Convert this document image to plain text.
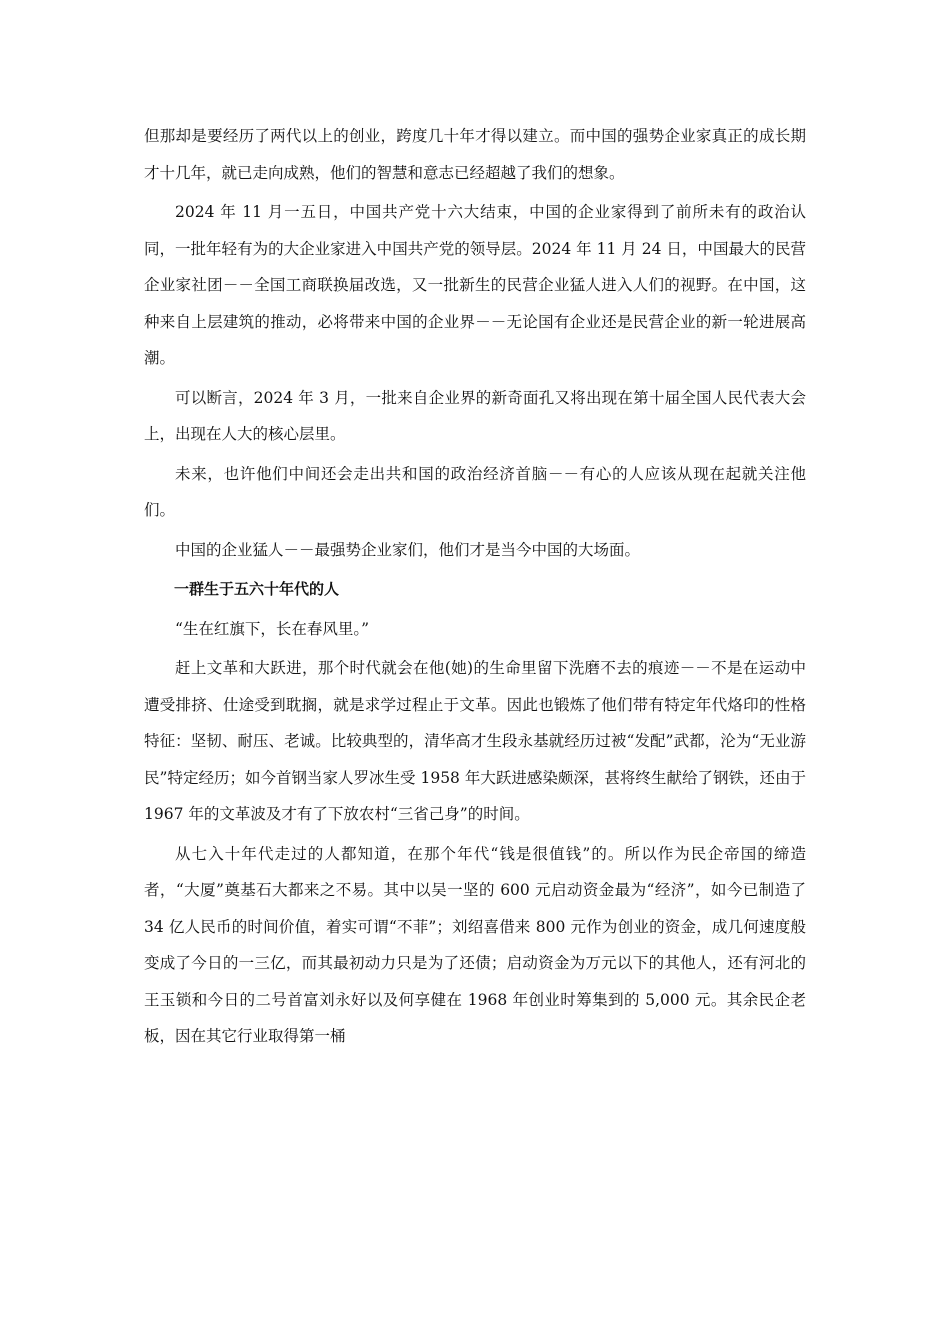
但那却是要经历了两代以上的创业，跨度几十年才得以建立。而中国的强势企业家真正的成长期才十几年，就已走向成熟，他们的智慧和意志已经超越了我们的想象。

2024 年 11 月一五日，中国共产党十六大结束，中国的企业家得到了前所未有的政治认同，一批年轻有为的大企业家进入中国共产党的领导层。2024 年 11 月 24 日，中国最大的民营企业家社团－－全国工商联换届改选，又一批新生的民营企业猛人进入人们的视野。在中国，这种来自上层建筑的推动，必将带来中国的企业界－－无论国有企业还是民营企业的新一轮进展高潮。

可以断言，2024 年 3 月，一批来自企业界的新奇面孔又将出现在第十届全国人民代表大会上，出现在人大的核心层里。

未来，也许他们中间还会走出共和国的政治经济首脑－－有心的人应该从现在起就关注他们。

中国的企业猛人－－最强势企业家们，他们才是当今中国的大场面。

一群生于五六十年代的人

“生在红旗下，长在春风里。”

赶上文革和大跃进，那个时代就会在他(她)的生命里留下洗磨不去的痕迹－－不是在运动中遭受排挤、仕途受到耽搁，就是求学过程止于文革。因此也锻炼了他们带有特定年代烙印的性格特征：坚韧、耐压、老诚。比较典型的，清华高才生段永基就经历过被“发配”武都，沦为“无业游民”特定经历；如今首钢当家人罗冰生受 1958 年大跃进感染颇深，甚将终生献给了钢铁，还由于 1967 年的文革波及才有了下放农村“三省己身”的时间。

从七入十年代走过的人都知道，在那个年代“钱是很值钱”的。所以作为民企帝国的缔造者，“大厦”奠基石大都来之不易。其中以吴一坚的 600 元启动资金最为“经济”，如今已制造了 34 亿人民币的时间价值，着实可谓“不菲”；刘绍喜借来 800 元作为创业的资金，成几何速度般变成了今日的一三亿，而其最初动力只是为了还债；启动资金为万元以下的其他人，还有河北的王玉锁和今日的二号首富刘永好以及何享健在 1968 年创业时筹集到的 5,000 元。其余民企老板，因在其它行业取得第一桶
